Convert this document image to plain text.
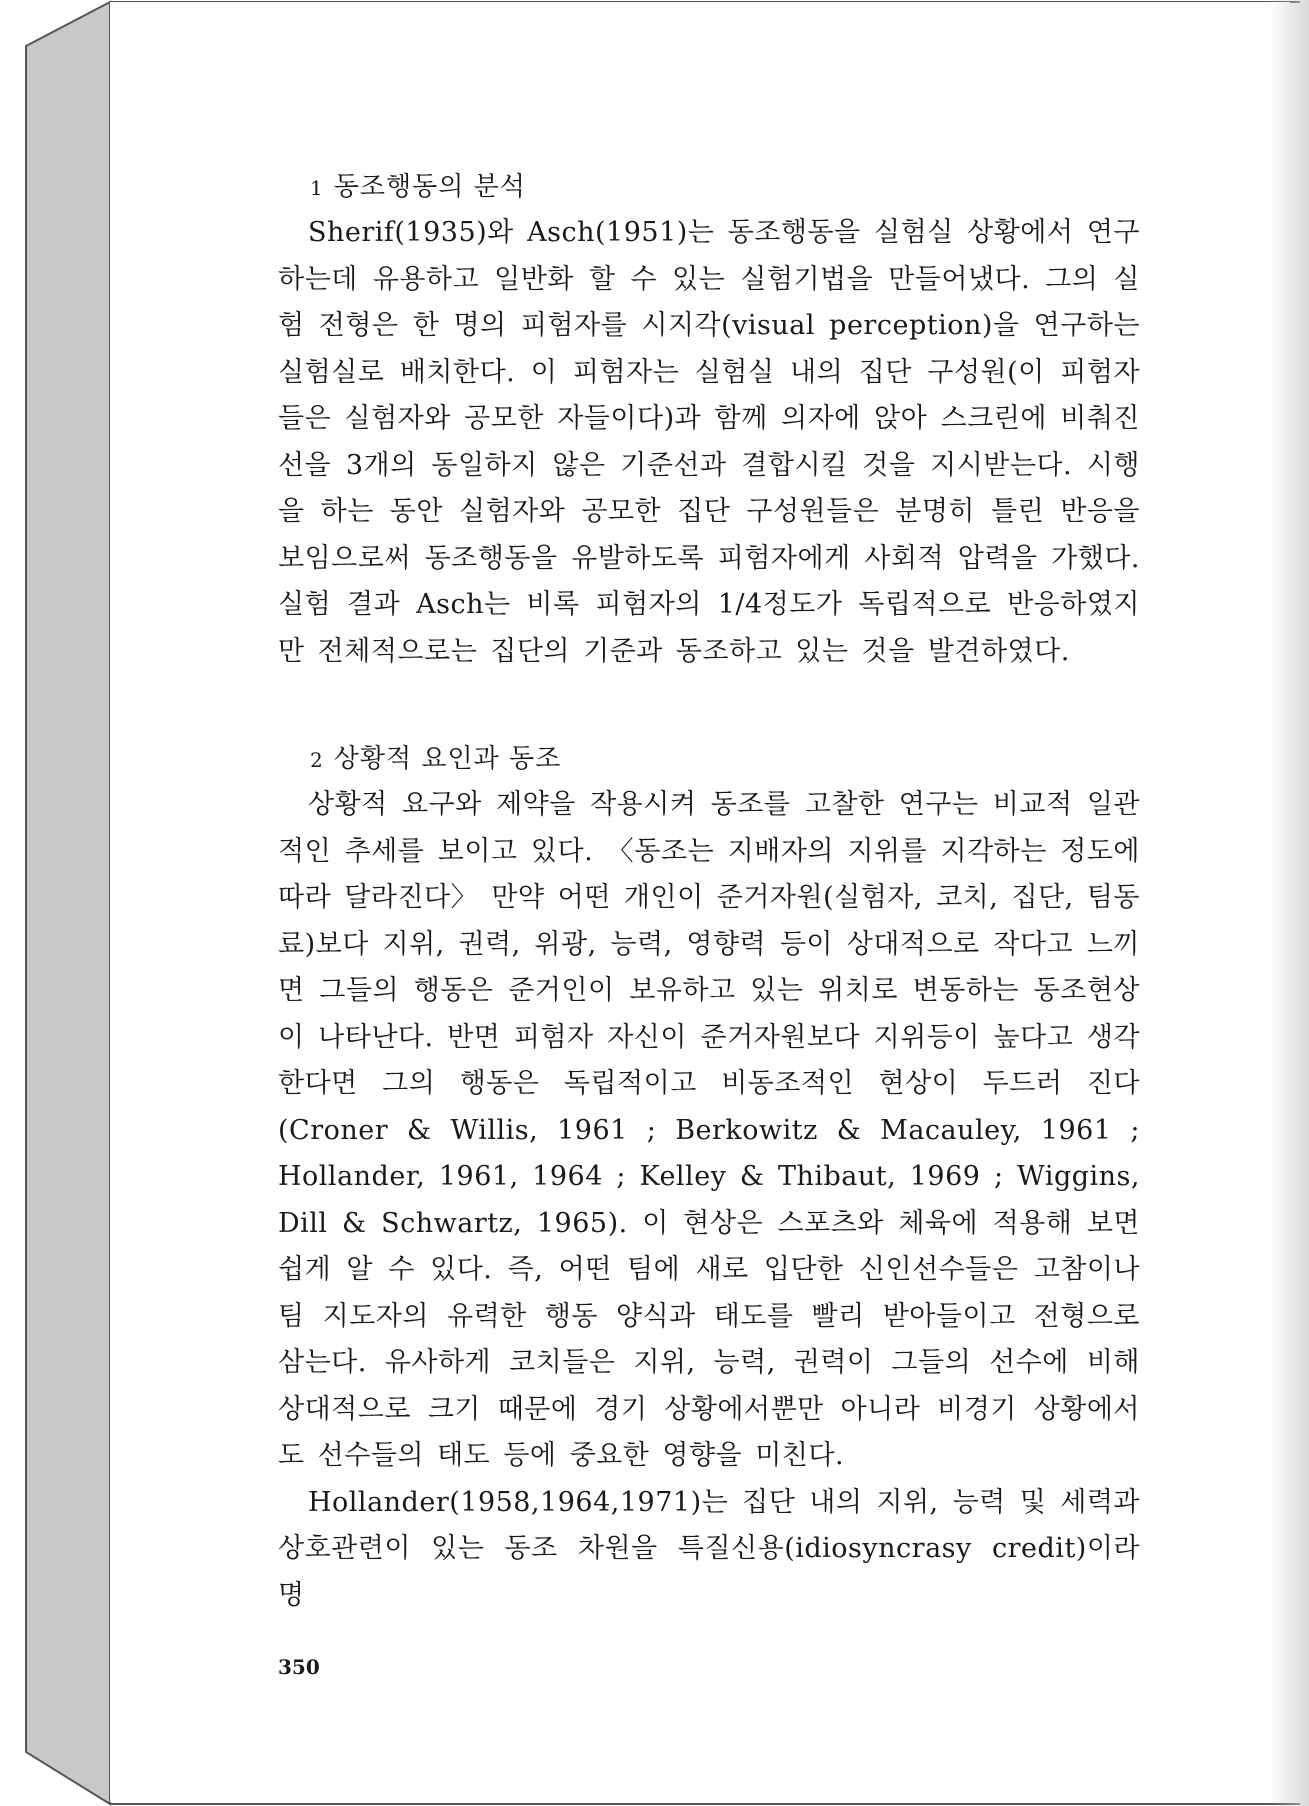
1 동조행동의 분석

Sherif(1935)와 Asch(1951)는 동조행동을 실험실 상황에서 연구하는데 유용하고 일반화 할 수 있는 실험기법을 만들어냈다. 그의 실험 전형은 한 명의 피험자를 시지각(visual perception)을 연구하는 실험실로 배치한다. 이 피험자는 실험실 내의 집단 구성원(이 피험자들은 실험자와 공모한 자들이다)과 함께 의자에 앉아 스크린에 비춰진 선을 3개의 동일하지 않은 기준선과 결합시킬 것을 지시받는다. 시행을 하는 동안 실험자와 공모한 집단 구성원들은 분명히 틀린 반응을 보임으로써 동조행동을 유발하도록 피험자에게 사회적 압력을 가했다. 실험 결과 Asch는 비록 피험자의 1/4정도가 독립적으로 반응하였지만 전체적으로는 집단의 기준과 동조하고 있는 것을 발견하였다.

2 상황적 요인과 동조

상황적 요구와 제약을 작용시켜 동조를 고찰한 연구는 비교적 일관적인 추세를 보이고 있다. 〈동조는 지배자의 지위를 지각하는 정도에 따라 달라진다〉 만약 어떤 개인이 준거자원(실험자, 코치, 집단, 팀동료)보다 지위, 권력, 위광, 능력, 영향력 등이 상대적으로 작다고 느끼면 그들의 행동은 준거인이 보유하고 있는 위치로 변동하는 동조현상이 나타난다. 반면 피험자 자신이 준거자원보다 지위등이 높다고 생각한다면 그의 행동은 독립적이고 비동조적인 현상이 두드러 진다(Croner & Willis, 1961 ; Berkowitz & Macauley, 1961 ; Hollander, 1961, 1964 ; Kelley & Thibaut, 1969 ; Wiggins, Dill & Schwartz, 1965). 이 현상은 스포츠와 체육에 적용해 보면 쉽게 알 수 있다. 즉, 어떤 팀에 새로 입단한 신인선수들은 고참이나 팀 지도자의 유력한 행동 양식과 태도를 빨리 받아들이고 전형으로 삼는다. 유사하게 코치들은 지위, 능력, 권력이 그들의 선수에 비해 상대적으로 크기 때문에 경기 상황에서뿐만 아니라 비경기 상황에서도 선수들의 태도 등에 중요한 영향을 미친다.

Hollander(1958,1964,1971)는 집단 내의 지위, 능력 및 세력과 상호관련이 있는 동조 차원을 특질신용(idiosyncrasy credit)이라 명

350
